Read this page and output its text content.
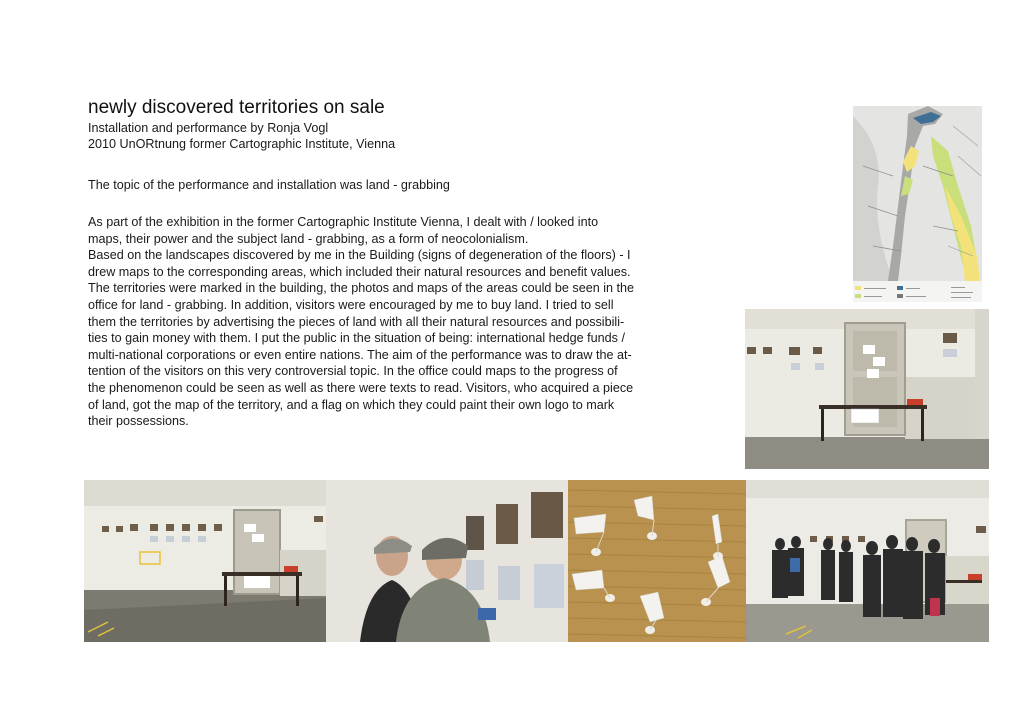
newly discovered territories on sale

Installation and performance by Ronja Vogl

2010 UnORtnung former Cartographic Institute, Vienna

The topic of the performance and installation was land - grabbing

As part of the exhibition in the former Cartographic Institute Vienna, I dealt with / looked into
maps, their power and the subject land - grabbing, as a form of neocolonialism.
Based on the landscapes discovered by me in the Building (signs of degeneration of the floors) - I
drew maps to the corresponding areas, which included their natural resources and benefit values.
The territories were marked in the building, the photos and maps of the areas could be seen in the
office for land - grabbing. In addition, visitors were encouraged by me to buy land. I tried to sell
them the territories by advertising the pieces of land with all their natural resources and possibili-
ties to gain money with them. I put the public in the situation of being: international hedge funds /
multi-national corporations or even entire nations. The aim of the performance was to draw the at-
tention of the visitors on this very controversial topic. In the office could maps to the progress of
the phenomenon could be seen as well as there were texts to read. Visitors, who acquired a piece
of land, got the map of the territory, and a flag on which they could paint their own logo to mark
their possessions.
